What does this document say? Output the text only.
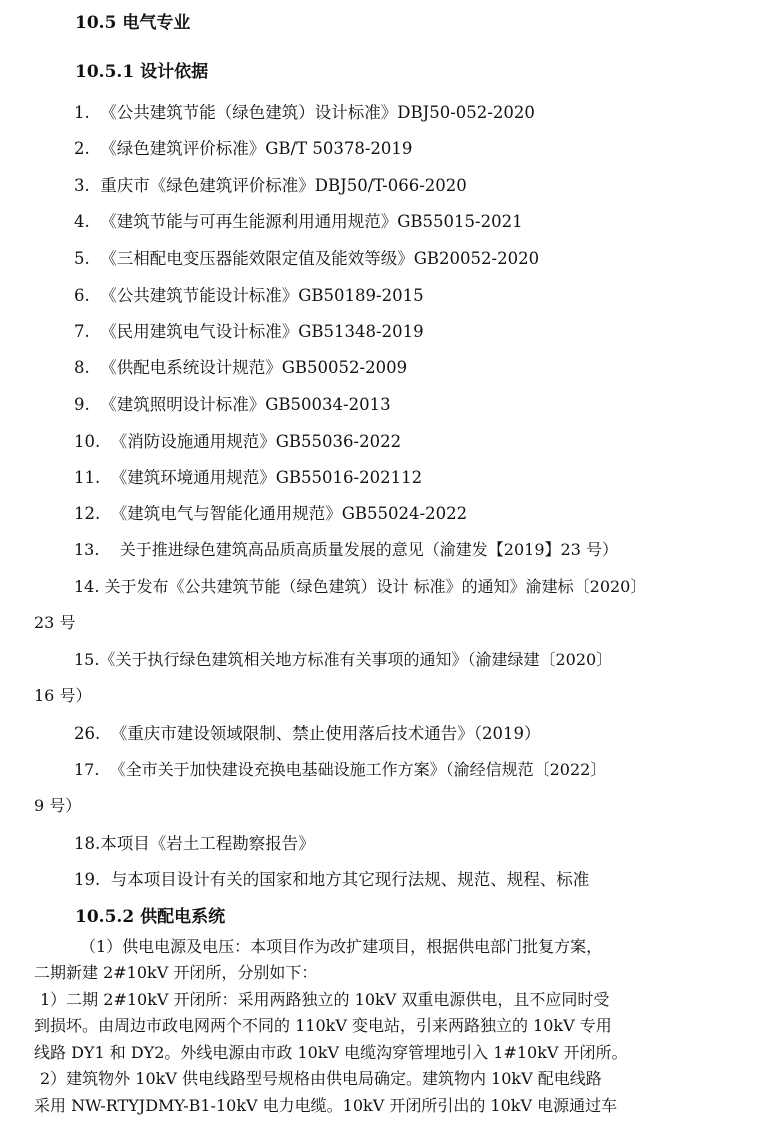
10.5 电气专业
10.5.1 设计依据
1. 《公共建筑节能（绿色建筑）设计标准》DBJ50-052-2020
2. 《绿色建筑评价标准》GB/T 50378-2019
3. 重庆市《绿色建筑评价标准》DBJ50/T-066-2020
4. 《建筑节能与可再生能源利用通用规范》GB55015-2021
5. 《三相配电变压器能效限定值及能效等级》GB20052-2020
6. 《公共建筑节能设计标准》GB50189-2015
7. 《民用建筑电气设计标准》GB51348-2019
8. 《供配电系统设计规范》GB50052-2009
9. 《建筑照明设计标准》GB50034-2013
10. 《消防设施通用规范》GB55036-2022
11. 《建筑环境通用规范》GB55016-202112
12. 《建筑电气与智能化通用规范》GB55024-2022
13. 关于推进绿色建筑高品质高质量发展的意见（渝建发【2019】23 号）
14. 关于发布《公共建筑节能（绿色建筑）设计 标准》的通知》渝建标〔2020〕
23 号
15.《关于执行绿色建筑相关地方标准有关事项的通知》（渝建绿建〔2020〕
16 号）
26. 《重庆市建设领域限制、禁止使用落后技术通告》（2019）
17. 《全市关于加快建设充换电基础设施工作方案》（渝经信规范〔2022〕
9 号）
18.本项目《岩土工程勘察报告》
19. 与本项目设计有关的国家和地方其它现行法规、规范、规程、标准
10.5.2 供配电系统
（1）供电电源及电压：本项目作为改扩建项目，根据供电部门批复方案，
二期新建 2#10kV 开闭所，分别如下：
1）二期 2#10kV 开闭所：采用两路独立的 10kV 双重电源供电，且不应同时受
到损坏。由周边市政电网两个不同的 110kV 变电站，引来两路独立的 10kV 专用
线路 DY1 和 DY2。外线电源由市政 10kV 电缆沟穿管埋地引入 1#10kV 开闭所。
2）建筑物外 10kV 供电线路型号规格由供电局确定。建筑物内 10kV 配电线路
采用 NW-RTYJDMY-B1-10kV 电力电缆。10kV 开闭所引出的 10kV 电源通过车
